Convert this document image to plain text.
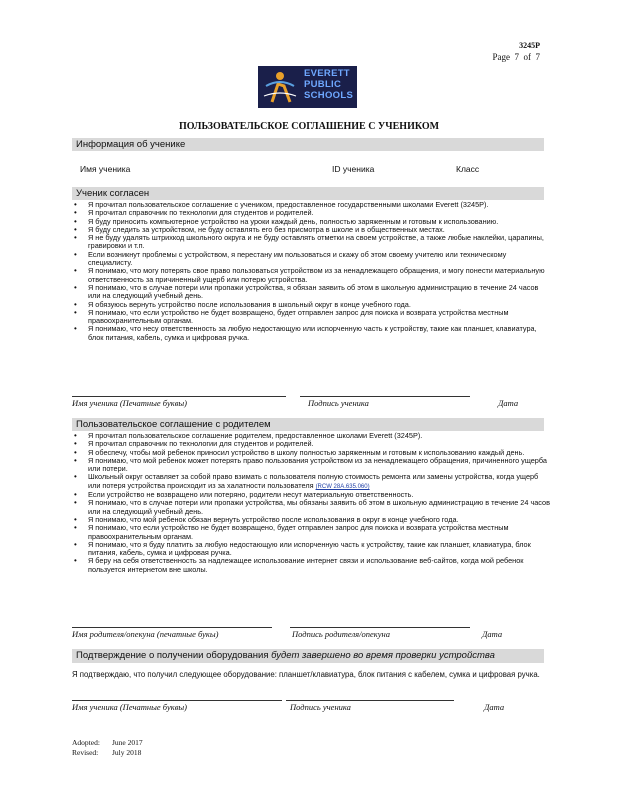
3245P
Page 7 of 7
EVERETT
PUBLIC
SCHOOLS
ПОЛЬЗОВАТЕЛЬСКОЕ СОГЛАШЕНИЕ С УЧЕНИКОМ
Информация об ученике
Имя ученика	ID ученика	Класс
Ученик согласен
• Я прочитал пользовательское соглашение с учеником, предоставленное государственными школами Everett (3245P).
• Я прочитал справочник по технологии для студентов и родителей.
• Я буду приносить компьютерное устройство на уроки каждый день, полностью заряженным и готовым к использованию.
• Я буду следить за устройством, не буду оставлять его без присмотра в школе и в общественных местах.
• Я не буду удалять штрихкод школьного округа и не буду оставлять отметки на своем устройстве, а также любые наклейки, царапины, гравировки и т.п.
• Если возникнут проблемы с устройством, я перестану им пользоваться и скажу об этом своему учителю или техническому специалисту.
• Я понимаю, что могу потерять свое право пользоваться устройством из за ненадлежащего обращения, и могу понести материальную ответственность за причиненный ущерб или потерю устройства.
• Я понимаю, что в случае потери или пропажи устройства, я обязан заявить об этом в школьную администрацию в течение 24 часов или на следующий учебный день.
• Я обязуюсь вернуть устройство после использования в школьный округ в конце учебного года.
• Я понимаю, что если устройство не будет возвращено, будет отправлен запрос для поиска и возврата устройства местным правоохранительным органам.
• Я понимаю, что несу ответственность за любую недостающую или испорченную часть к устройству, такие как планшет, клавиатура, блок питания, кабель, сумка и цифровая ручка.
Имя ученика (Печатные буквы)	Подпись ученика	Дата
Пользовательское соглашение с родителем
• Я прочитал пользовательское соглашение родителем, предоставленное школами Everett (3245P).
• Я прочитал справочник по технологии для студентов и родителей.
• Я обеспечу, чтобы мой ребенок приносил устройство в школу полностью заряженным и готовым к использованию каждый день.
• Я понимаю, что мой ребенок может потерять право пользования устройством из за ненадлежащего обращения, причиненного ущерба или потери.
• Школьный округ оставляет за собой право взимать с пользователя полную стоимость ремонта или замены устройства, когда ущерб или потеря устройства происходит из за халатности пользователя (RCW 28A.635.060)
• Если устройство не возвращено или потеряно, родители несут материальную ответственность.
• Я понимаю, что в случае потери или пропажи устройства, мы обязаны заявить об этом в школьную администрацию в течение 24 часов или на следующий учебный день.
• Я понимаю, что мой ребенок обязан вернуть устройство после использования в округ в конце учебного года.
• Я понимаю, что если устройство не будет возвращено, будет отправлен запрос для поиска и возврата устройства местным правоохранительным органам.
• Я понимаю, что я буду платить за любую недостающую или испорченную часть к устройству, такие как планшет, клавиатура, блок питания, кабель, сумка и цифровая ручка.
• Я беру на себя ответственность за надлежащее использование интернет связи и использование веб-сайтов, когда мой ребенок пользуется интернетом вне школы.
Имя родителя/опекуна (печатные букы)	Подпись родителя/опекуна	Дата
Подтверждение о получении оборудования будет завершено во время проверки устройства
Я подтверждаю, что получил следующее оборудование: планшет/клавиатура, блок питания с кабелем, сумка и цифровая ручка.
Имя ученика (Печатные буквы)	Подпись ученика	Дата
Adopted: June 2017
Revised: July 2018
